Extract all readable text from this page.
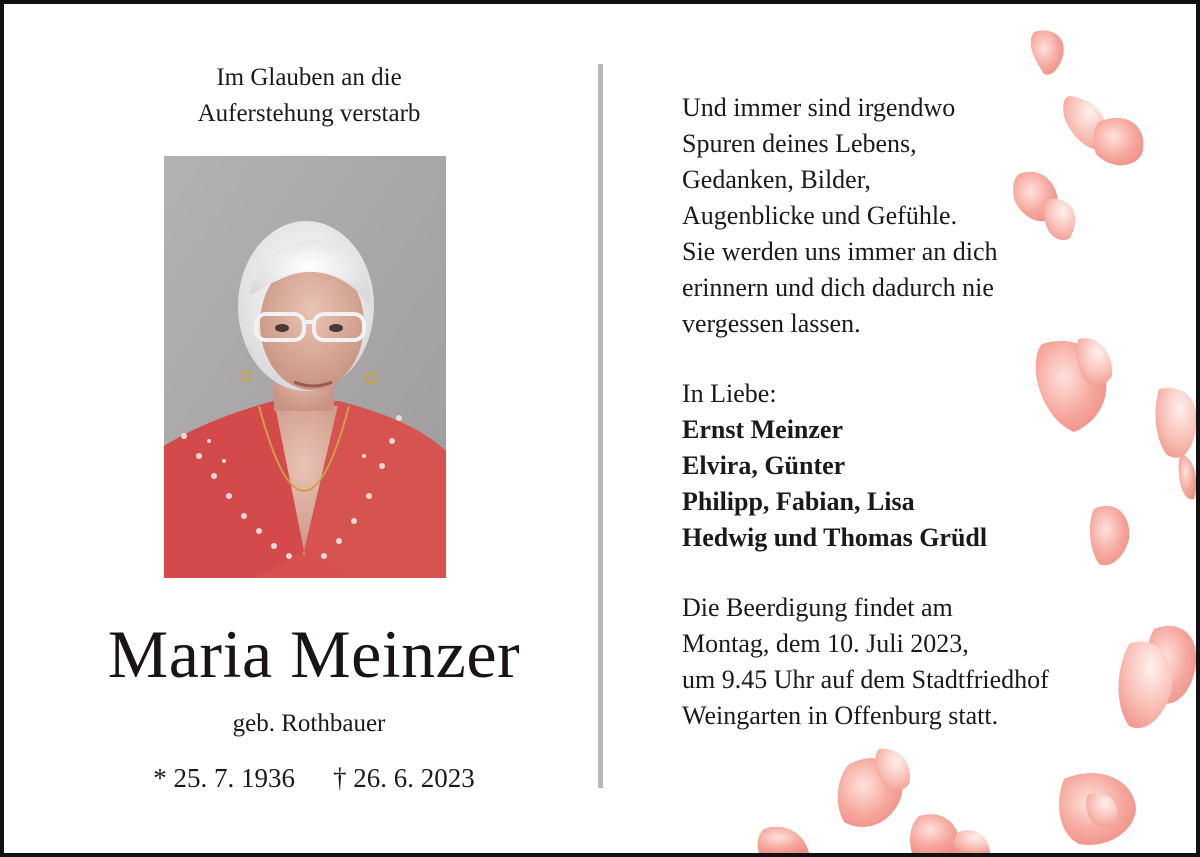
Im Glauben an die
Auferstehung verstarb
Maria Meinzer
geb. Rothbauer
* 25. 7. 1936 † 26. 6. 2023
Und immer sind irgendwo
Spuren deines Lebens,
Gedanken, Bilder,
Augenblicke und Gefühle.
Sie werden uns immer an dich
erinnern und dich dadurch nie
vergessen lassen.
In Liebe:
Ernst Meinzer
Elvira, Günter
Philipp, Fabian, Lisa
Hedwig und Thomas Grüdl
Die Beerdigung findet am
Montag, dem 10. Juli 2023,
um 9.45 Uhr auf dem Stadtfriedhof
Weingarten in Offenburg statt.
